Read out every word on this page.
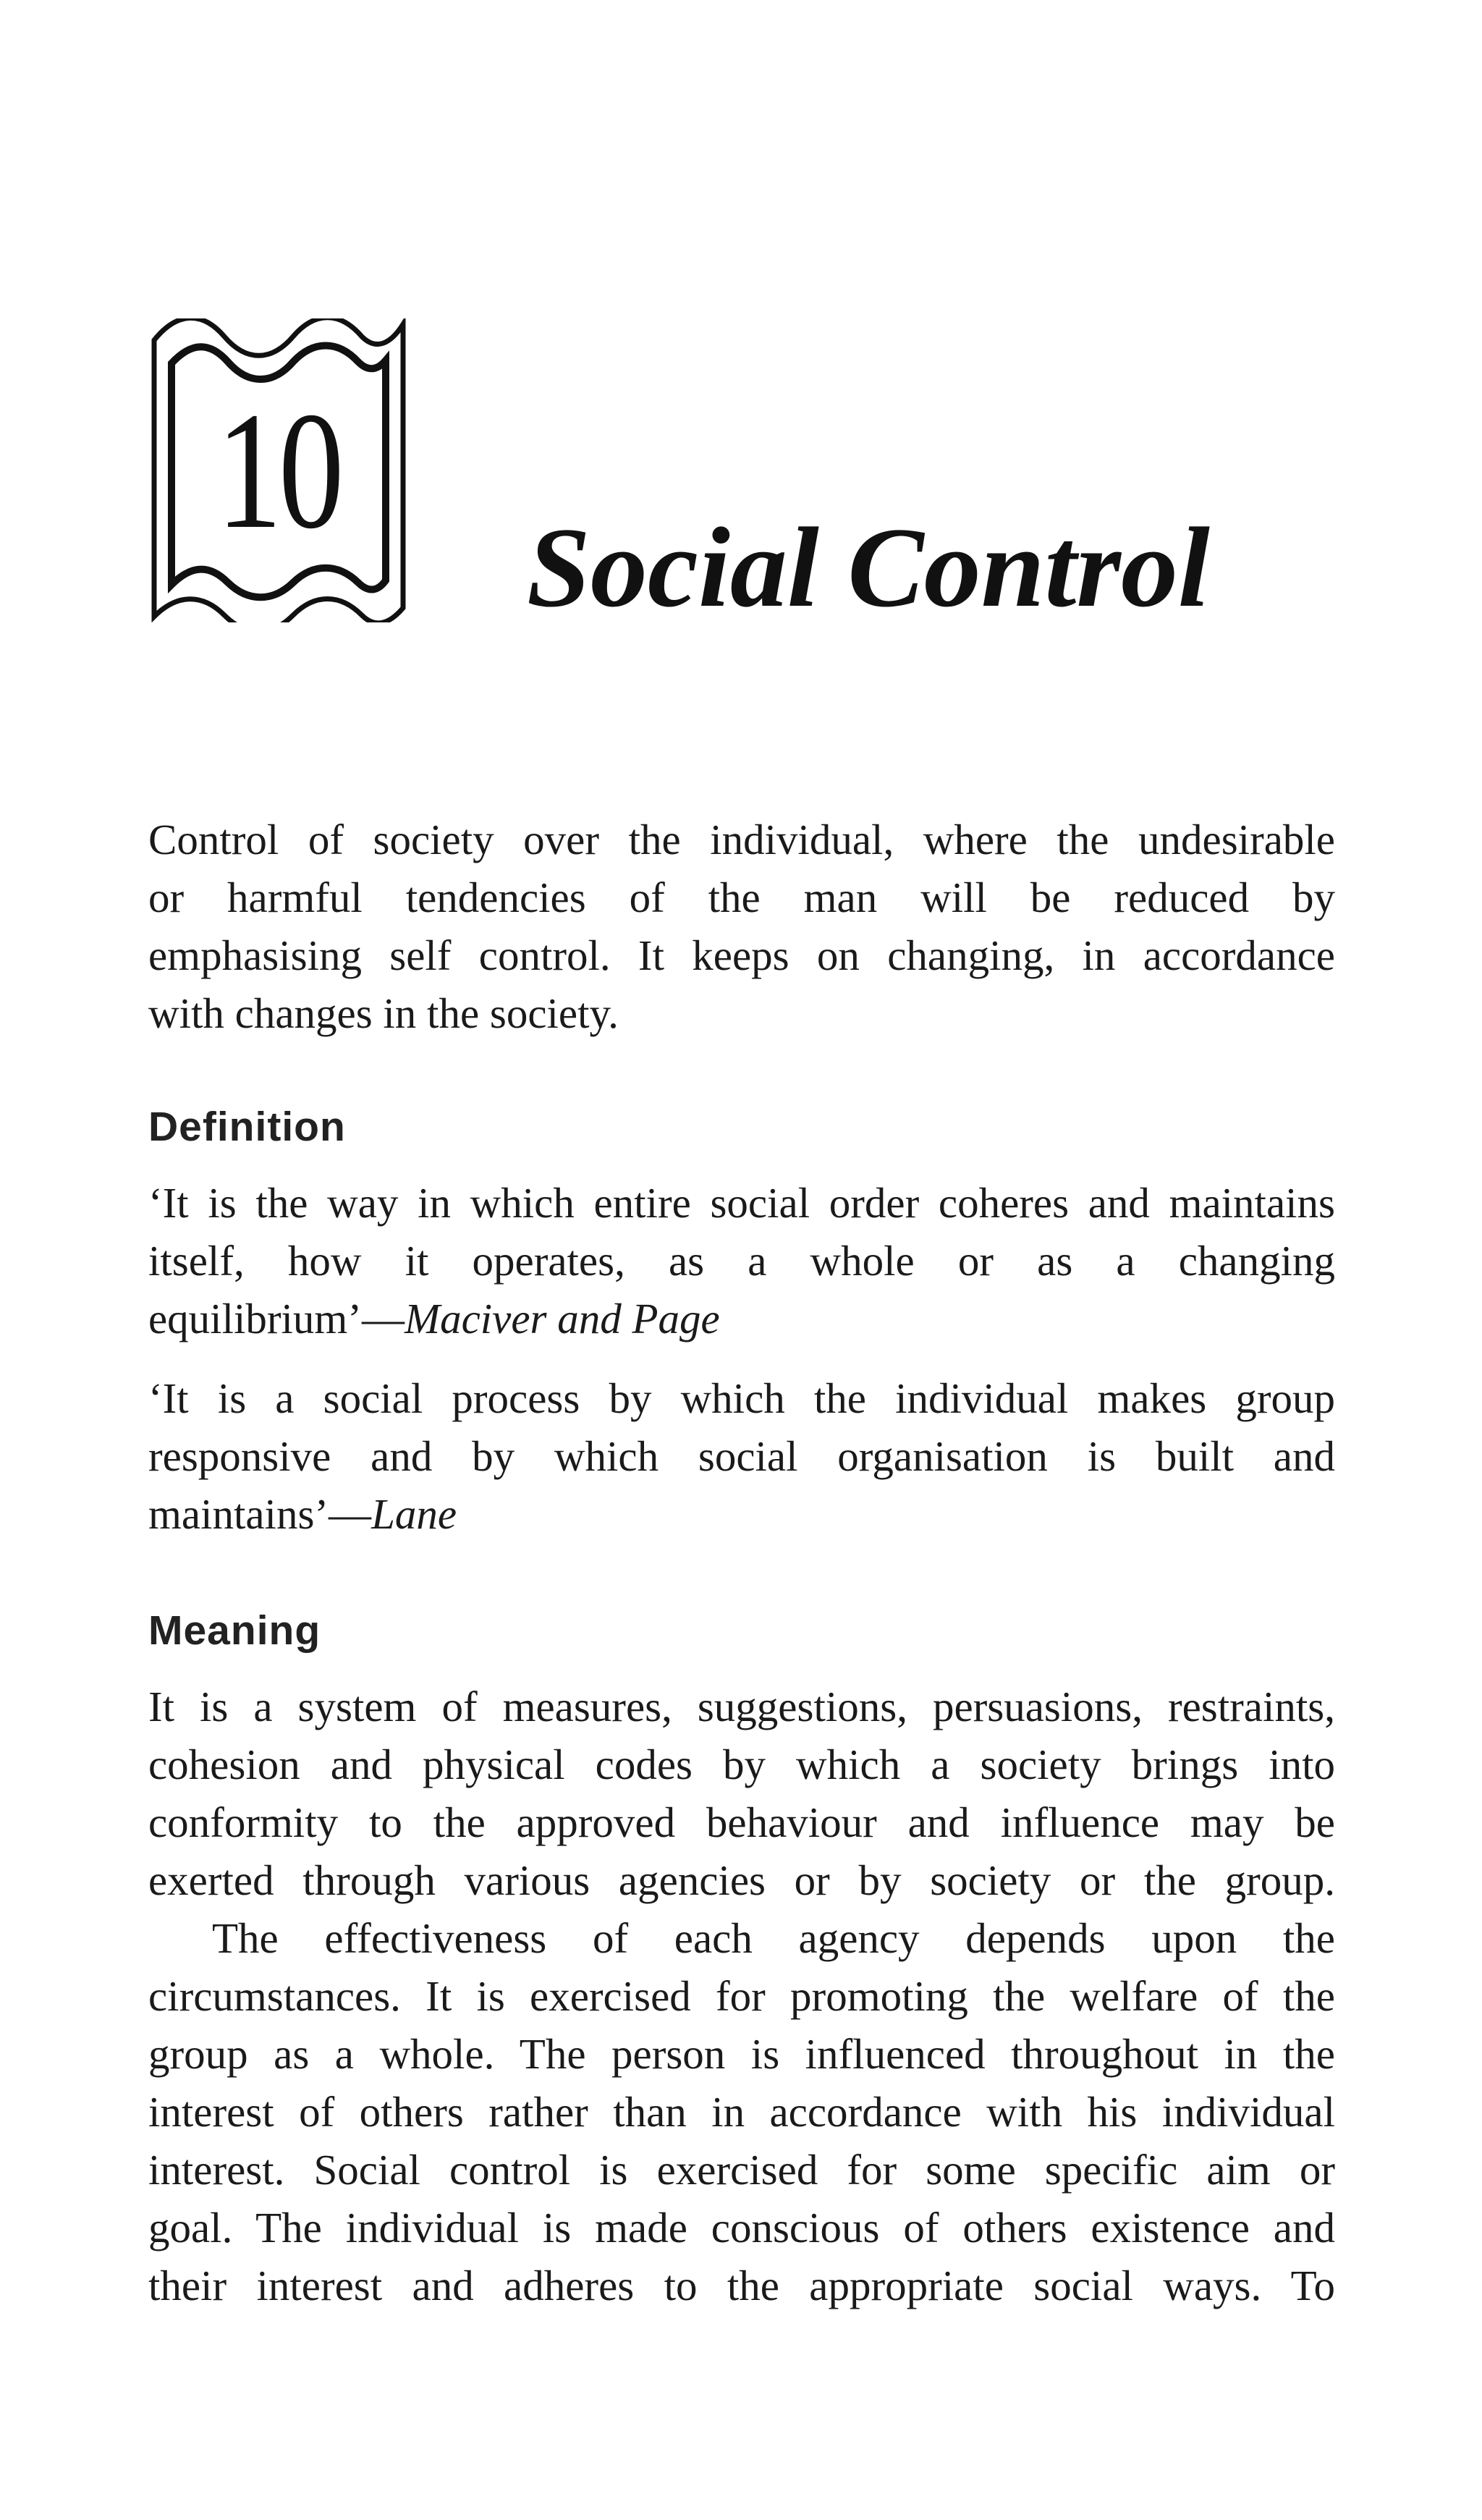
10
Social Control

Control of society over the individual, where the undesirable
or harmful tendencies of the man will be reduced by
emphasising self control. It keeps on changing, in accordance
with changes in the society.

Definition

‘It is the way in which entire social order coheres and maintains
itself, how it operates, as a whole or as a changing
equilibrium’—Maciver and Page

‘It is a social process by which the individual makes group
responsive and by which social organisation is built and
maintains’—Lane

Meaning

It is a system of measures, suggestions, persuasions, restraints,
cohesion and physical codes by which a society brings into
conformity to the approved behaviour and influence may be
exerted through various agencies or by society or the group.

The effectiveness of each agency depends upon the
circumstances. It is exercised for promoting the welfare of the
group as a whole. The person is influenced throughout in the
interest of others rather than in accordance with his individual
interest. Social control is exercised for some specific aim or
goal. The individual is made conscious of others existence and
their interest and adheres to the appropriate social ways. To
